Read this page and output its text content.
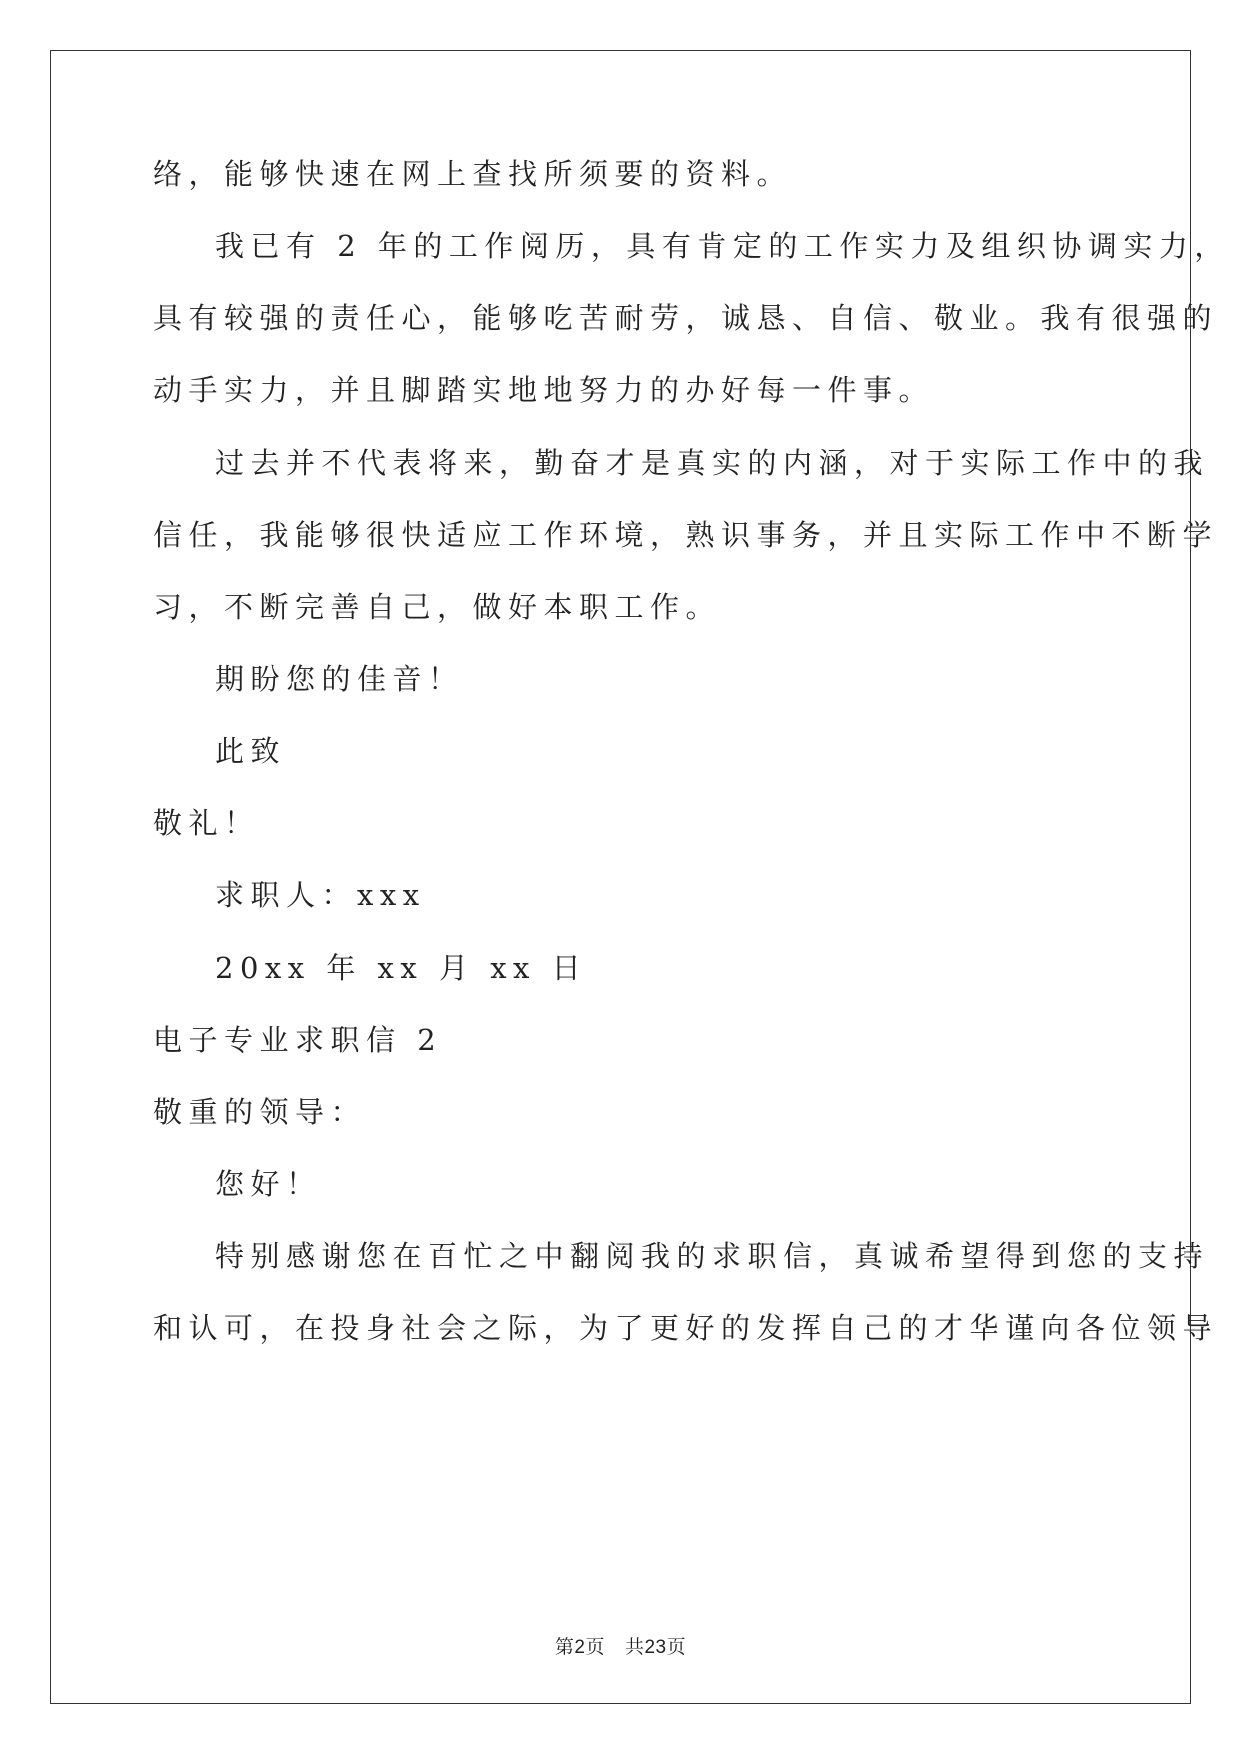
络，能够快速在网上查找所须要的资料。
我已有 2 年的工作阅历，具有肯定的工作实力及组织协调实力，
具有较强的责任心，能够吃苦耐劳，诚恳、自信、敬业。我有很强的
动手实力，并且脚踏实地地努力的办好每一件事。
过去并不代表将来，勤奋才是真实的内涵，对于实际工作中的我
信任，我能够很快适应工作环境，熟识事务，并且实际工作中不断学
习，不断完善自己，做好本职工作。
期盼您的佳音！
此致
敬礼！
求职人：xxx
20xx 年 xx 月 xx 日
电子专业求职信 2
敬重的领导：
您好！
特别感谢您在百忙之中翻阅我的求职信，真诚希望得到您的支持
和认可，在投身社会之际，为了更好的发挥自己的才华谨向各位领导
第2页 共23页
